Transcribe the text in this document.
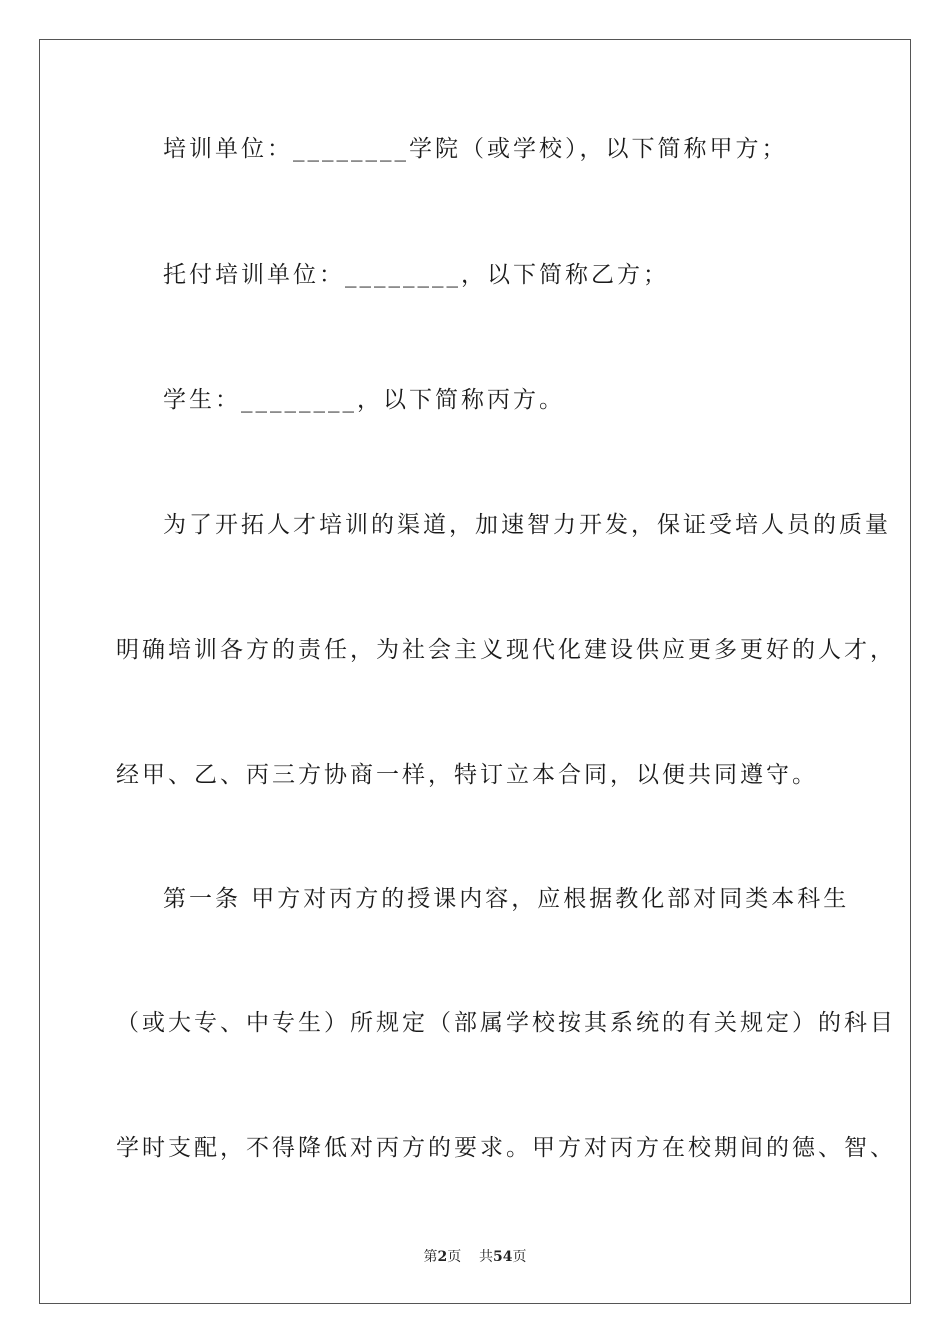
培训单位：________学院（或学校），以下简称甲方；
托付培训单位：________，以下简称乙方；
学生：________，以下简称丙方。
为了开拓人才培训的渠道，加速智力开发，保证受培人员的质量
明确培训各方的责任，为社会主义现代化建设供应更多更好的人才，
经甲、乙、丙三方协商一样，特订立本合同，以便共同遵守。
第一条 甲方对丙方的授课内容，应根据教化部对同类本科生
（或大专、中专生）所规定（部属学校按其系统的有关规定）的科目
学时支配，不得降低对丙方的要求。甲方对丙方在校期间的德、智、
第2页 共54页
